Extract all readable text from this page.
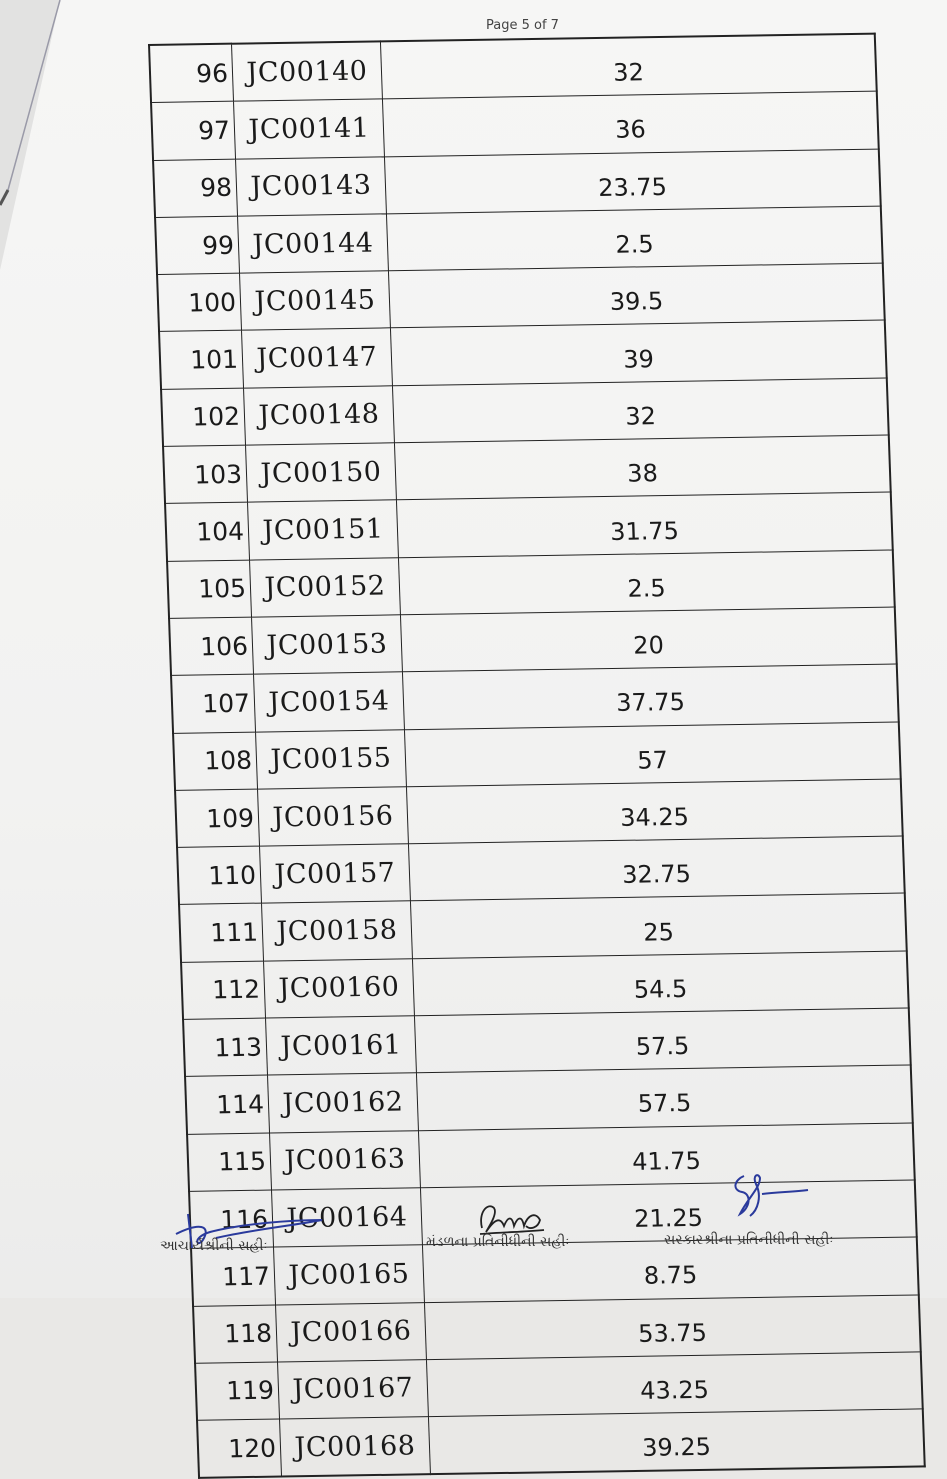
Page 5 of 7
96	JC00140	32
97	JC00141	36
98	JC00143	23.75
99	JC00144	2.5
100	JC00145	39.5
101	JC00147	39
102	JC00148	32
103	JC00150	38
104	JC00151	31.75
105	JC00152	2.5
106	JC00153	20
107	JC00154	37.75
108	JC00155	57
109	JC00156	34.25
110	JC00157	32.75
111	JC00158	25
112	JC00160	54.5
113	JC00161	57.5
114	JC00162	57.5
115	JC00163	41.75
116	JC00164	21.25
117	JC00165	8.75
118	JC00166	53.75
119	JC00167	43.25
120	JC00168	39.25
આચાર્યશ્રીની સહીઃ	મંડળના પ્રતિનીધીની સહીઃ	સરકારશ્રીના પ્રતિનીધીની સહીઃ
